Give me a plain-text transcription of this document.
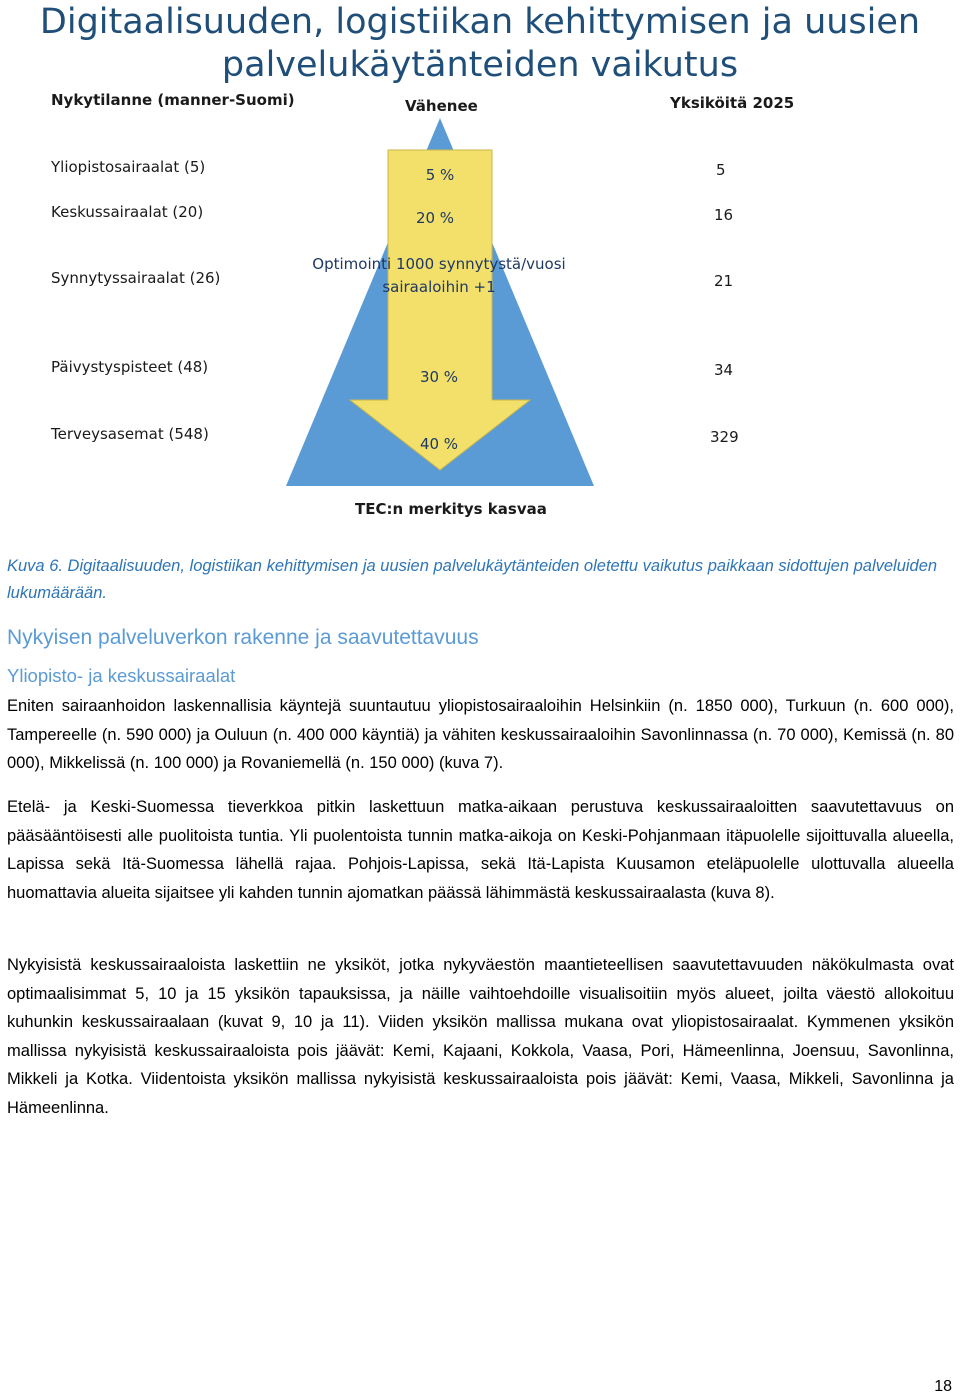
Digitaalisuuden, logistiikan kehittymisen ja uusien
palvelukäytänteiden vaikutus
5 %
20 %
30 %
40 %
Optimointi 1000 synnytystä/vuosi
sairaaloihin +1
Nykytilanne (manner-Suomi)	Vähenee	Yksiköitä 2025
TEC:n merkitys kasvaa
Yliopistosairaalat (5)
Keskussairaalat (20)
Synnytyssairaalat (26)
Päivystyspisteet (48)
Terveysasemat (548)
5
16
21
34
329
Kuva 6. Digitaalisuuden, logistiikan kehittymisen ja uusien palvelukäytänteiden oletettu vaikutus paikkaan sidottujen palveluiden lukumäärään.
Nykyisen palveluverkon rakenne ja saavutettavuus
Yliopisto- ja keskussairaalat
Eniten sairaanhoidon laskennallisia käyntejä suuntautuu yliopistosairaaloihin Helsinkiin (n. 1850 000), Turkuun (n. 600 000), Tampereelle (n. 590 000) ja Ouluun (n. 400 000 käyntiä) ja vähiten keskussairaaloihin Savonlinnassa (n. 70 000), Kemissä (n. 80 000), Mikkelissä (n. 100 000) ja Rovaniemellä (n. 150 000) (kuva 7).
Etelä- ja Keski-Suomessa tieverkkoa pitkin laskettuun matka-aikaan perustuva keskussairaaloitten saavutettavuus on pääsääntöisesti alle puolitoista tuntia. Yli puolentoista tunnin matka-aikoja on Keski-Pohjanmaan itäpuolelle sijoittuvalla alueella, Lapissa sekä Itä-Suomessa lähellä rajaa. Pohjois-Lapissa, sekä Itä-Lapista Kuusamon eteläpuolelle ulottuvalla alueella huomattavia alueita sijaitsee yli kahden tunnin ajomatkan päässä lähimmästä keskussairaalasta (kuva 8).
Nykyisistä keskussairaaloista laskettiin ne yksiköt, jotka nykyväestön maantieteellisen saavutettavuuden näkökulmasta ovat optimaalisimmat 5, 10 ja 15 yksikön tapauksissa, ja näille vaihtoehdoille visualisoitiin myös alueet, joilta väestö allokoituu kuhunkin keskussairaalaan (kuvat 9, 10 ja 11). Viiden yksikön mallissa mukana ovat yliopistosairaalat. Kymmenen yksikön mallissa nykyisistä keskussairaaloista pois jäävät: Kemi, Kajaani, Kokkola, Vaasa, Pori, Hämeenlinna, Joensuu, Savonlinna, Mikkeli ja Kotka. Viidentoista yksikön mallissa nykyisistä keskussairaaloista pois jäävät: Kemi, Vaasa, Mikkeli, Savonlinna ja Hämeenlinna.
18
